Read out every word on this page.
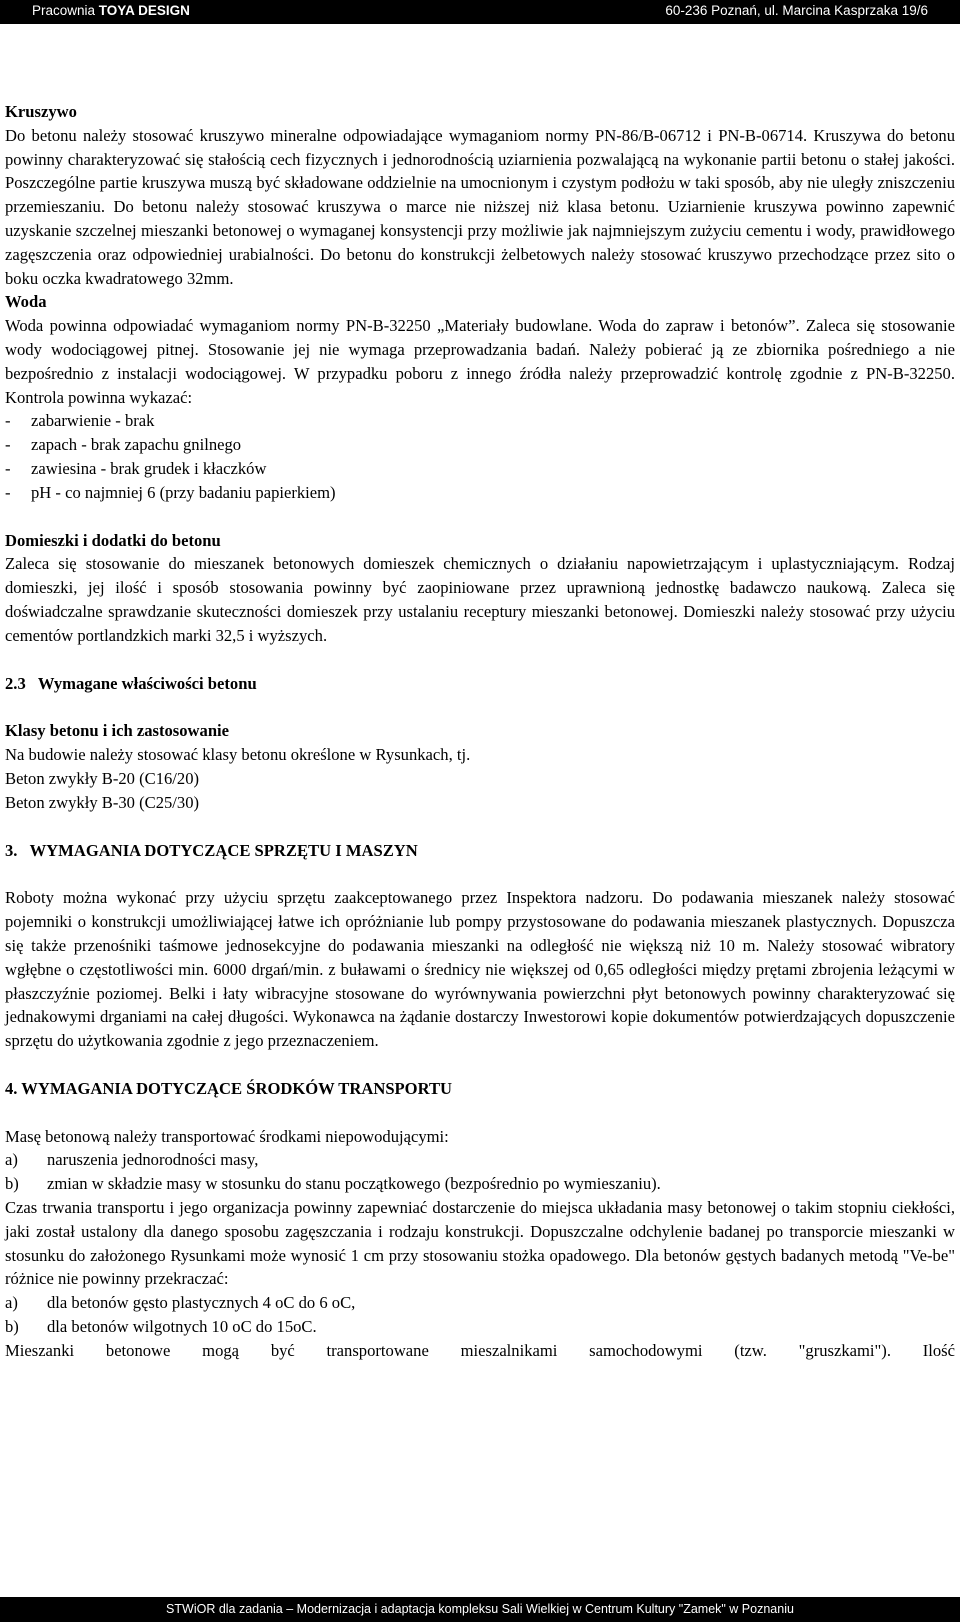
Pracownia TOYA DESIGN	60-236 Poznań, ul. Marcina Kasprzaka 19/6

Kruszywo

Do betonu należy stosować kruszywo mineralne odpowiadające wymaganiom normy PN-86/B-06712 i PN-B-06714. Kruszywa do betonu powinny charakteryzować się stałością cech fizycznych i jednorodnością uziarnienia pozwalającą na wykonanie partii betonu o stałej jakości. Poszczególne partie kruszywa muszą być składowane oddzielnie na umocnionym i czystym podłożu w taki sposób, aby nie uległy zniszczeniu przemieszaniu. Do betonu należy stosować kruszywa o marce nie niższej niż klasa betonu. Uziarnienie kruszywa powinno zapewnić uzyskanie szczelnej mieszanki betonowej o wymaganej konsystencji przy możliwie jak najmniejszym zużyciu cementu i wody, prawidłowego zagęszczenia oraz odpowiedniej urabialności. Do betonu do konstrukcji żelbetowych należy stosować kruszywo przechodzące przez sito o boku oczka kwadratowego 32mm.

Woda

Woda powinna odpowiadać wymaganiom normy PN-B-32250 „Materiały budowlane. Woda do zapraw i betonów”. Zaleca się stosowanie wody wodociągowej pitnej. Stosowanie jej nie wymaga przeprowadzania badań. Należy pobierać ją ze zbiornika pośredniego a nie bezpośrednio z instalacji wodociągowej. W przypadku poboru z innego źródła należy przeprowadzić kontrolę zgodnie z PN-B-32250. Kontrola powinna wykazać:

-	zabarwienie - brak
-	zapach - brak zapachu gnilnego
-	zawiesina - brak grudek i kłaczków
-	pH - co najmniej 6 (przy badaniu papierkiem)

Domieszki i dodatki do betonu

Zaleca się stosowanie do mieszanek betonowych domieszek chemicznych o działaniu napowietrzającym i uplastyczniającym. Rodzaj domieszki, jej ilość i sposób stosowania powinny być zaopiniowane przez uprawnioną jednostkę badawczo naukową. Zaleca się doświadczalne sprawdzanie skuteczności domieszek przy ustalaniu receptury mieszanki betonowej. Domieszki należy stosować przy użyciu cementów portlandzkich marki 32,5 i wyższych.

2.3   Wymagane właściwości betonu

Klasy betonu i ich zastosowanie

Na budowie należy stosować klasy betonu określone w Rysunkach, tj.

Beton zwykły B-20 (C16/20)

Beton zwykły B-30 (C25/30)

3.   WYMAGANIA DOTYCZĄCE SPRZĘTU I MASZYN

Roboty można wykonać przy użyciu sprzętu zaakceptowanego przez Inspektora nadzoru. Do podawania mieszanek należy stosować pojemniki o konstrukcji umożliwiającej łatwe ich opróżnianie lub pompy przystosowane do podawania mieszanek plastycznych. Dopuszcza się także przenośniki taśmowe jednosekcyjne do podawania mieszanki na odległość nie większą niż 10 m. Należy stosować wibratory wgłębne o częstotliwości min. 6000 drgań/min. z buławami o średnicy nie większej od 0,65 odległości między prętami zbrojenia leżącymi w płaszczyźnie poziomej. Belki i łaty wibracyjne stosowane do wyrównywania powierzchni płyt betonowych powinny charakteryzować się jednakowymi drganiami na całej długości. Wykonawca na żądanie dostarczy Inwestorowi kopie dokumentów potwierdzających dopuszczenie sprzętu do użytkowania zgodnie z jego przeznaczeniem.

4. WYMAGANIA DOTYCZĄCE ŚRODKÓW TRANSPORTU

Masę betonową należy transportować środkami niepowodującymi:

a)	naruszenia jednorodności masy,
b)	zmian w składzie masy w stosunku do stanu początkowego (bezpośrednio po wymieszaniu).

Czas trwania transportu i jego organizacja powinny zapewniać dostarczenie do miejsca układania masy betonowej o takim stopniu ciekłości, jaki został ustalony dla danego sposobu zagęszczania i rodzaju konstrukcji. Dopuszczalne odchylenie badanej po transporcie mieszanki w stosunku do założonego Rysunkami może wynosić 1 cm przy stosowaniu stożka opadowego. Dla betonów gęstych badanych metodą "Ve-be" różnice nie powinny przekraczać:

a)	dla betonów gęsto plastycznych 4 oC do 6 oC,
b)	dla betonów wilgotnych 10 oC do 15oC.

Mieszanki betonowe mogą być transportowane mieszalnikami samochodowymi (tzw. "gruszkami"). Ilość

STWiOR dla zadania – Modernizacja i adaptacja kompleksu Sali Wielkiej w Centrum Kultury "Zamek" w Poznaniu
